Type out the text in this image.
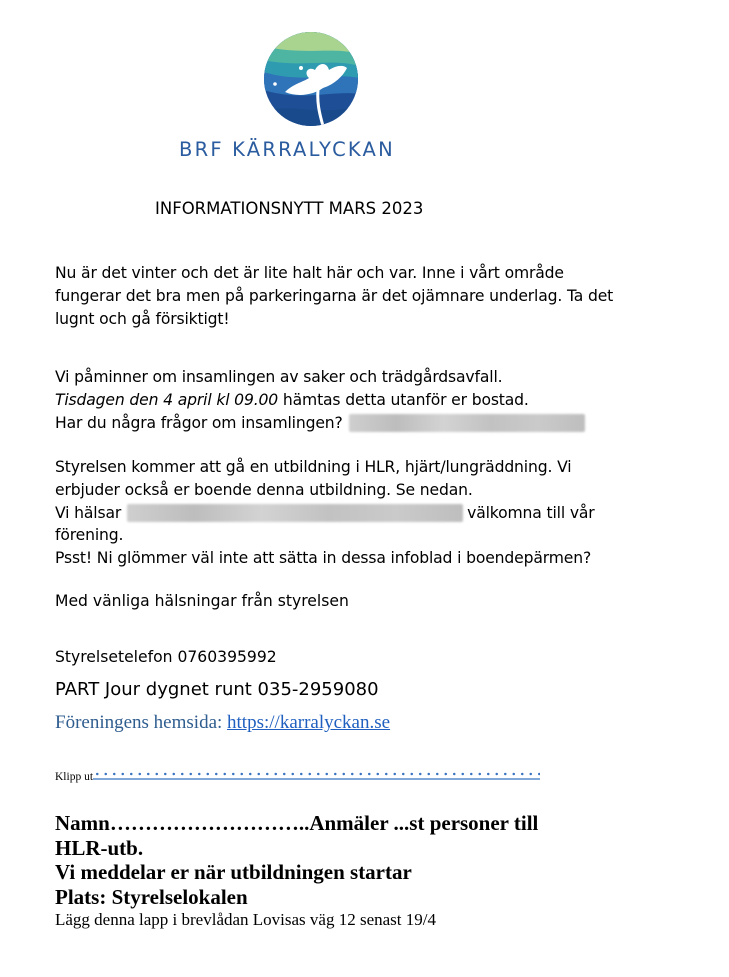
BRF KÄRRALYCKAN
INFORMATIONSNYTT MARS 2023
Nu är det vinter och det är lite halt här och var. Inne i vårt område
fungerar det bra men på parkeringarna är det ojämnare underlag. Ta det
lugnt och gå försiktigt!
Vi påminner om insamlingen av saker och trädgårdsavfall.
Tisdagen den 4 april kl 09.00 hämtas detta utanför er bostad.
Har du några frågor om insamlingen?
Styrelsen kommer att gå en utbildning i HLR, hjärt/lungräddning. Vi
erbjuder också er boende denna utbildning. Se nedan.
Vi hälsar	välkomna till vår
förening.
Psst! Ni glömmer väl inte att sätta in dessa infoblad i boendepärmen?
Med vänliga hälsningar från styrelsen
Styrelsetelefon 0760395992
PART Jour dygnet runt 035-2959080
Föreningens hemsida: https://karralyckan.se
Klipp ut
Namn………………………..Anmäler ...st personer till
HLR-utb.
Vi meddelar er när utbildningen startar
Plats: Styrelselokalen
Lägg denna lapp i brevlådan Lovisas väg 12 senast 19/4
